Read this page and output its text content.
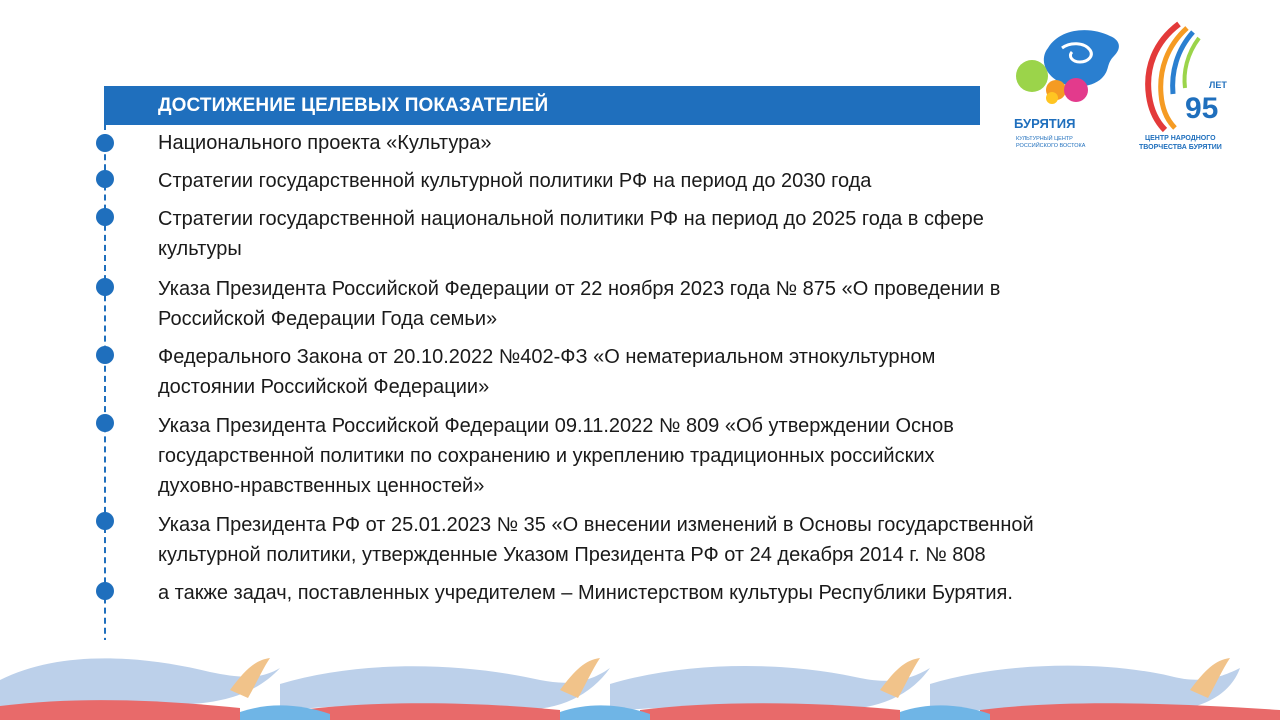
БУРЯТИЯ
КУЛЬТУРНЫЙ ЦЕНТР
РОССИЙСКОГО ВОСТОКА
ЛЕТ
95
ЦЕНТР НАРОДНОГО
ТВОРЧЕСТВА БУРЯТИИ
ДОСТИЖЕНИЕ ЦЕЛЕВЫХ ПОКАЗАТЕЛЕЙ
Национального проекта «Культура»
Стратегии государственной культурной политики РФ на период до 2030 года
Стратегии государственной национальной политики РФ на период до 2025 года в сфере
культуры
Указа Президента Российской Федерации от 22 ноября 2023 года № 875 «О проведении в
Российской Федерации Года семьи»
Федерального Закона от 20.10.2022 №402-ФЗ «О нематериальном этнокультурном
достоянии Российской Федерации»
Указа Президента Российской Федерации 09.11.2022 № 809 «Об утверждении Основ
государственной политики по сохранению и укреплению традиционных российских
духовно-нравственных ценностей»
Указа Президента РФ от 25.01.2023 № 35 «О внесении изменений в Основы государственной
культурной политики, утвержденные Указом Президента РФ от 24 декабря 2014 г. № 808
а также задач, поставленных учредителем – Министерством культуры Республики Бурятия.
